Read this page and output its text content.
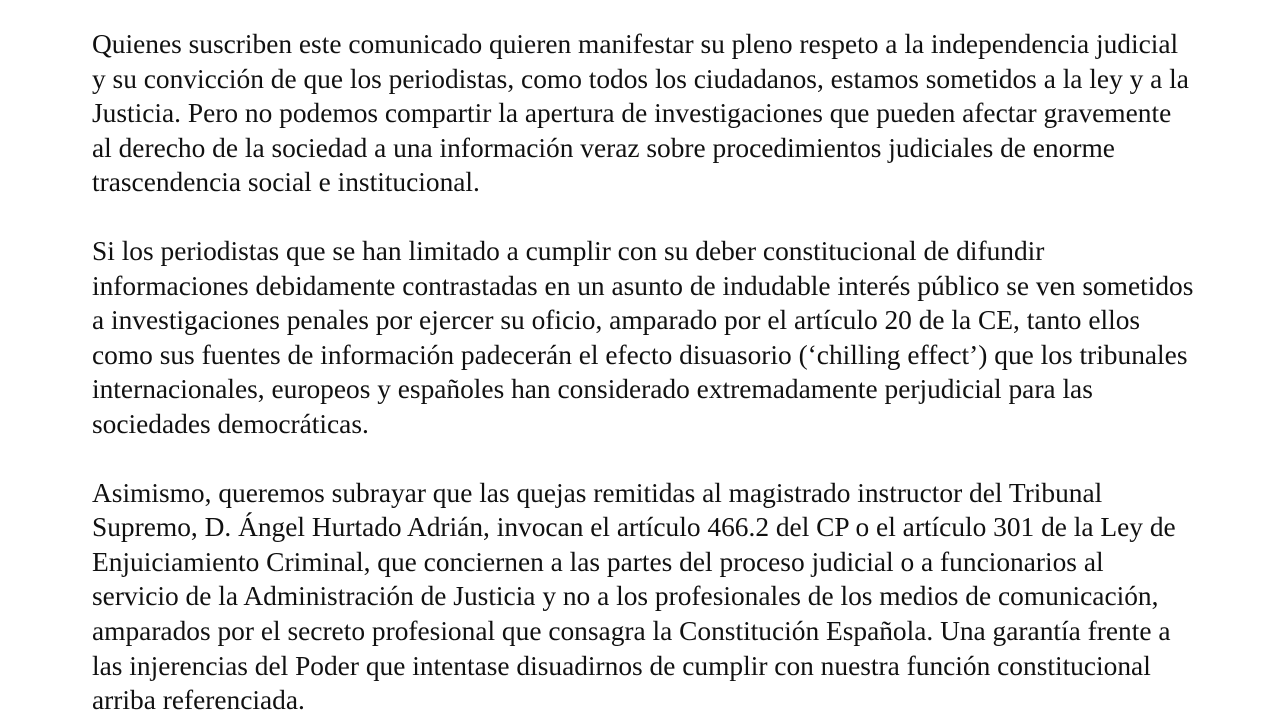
Quienes suscriben este comunicado quieren manifestar su pleno respeto a la independencia judicial
y su convicción de que los periodistas, como todos los ciudadanos, estamos sometidos a la ley y a la
Justicia. Pero no podemos compartir la apertura de investigaciones que pueden afectar gravemente
al derecho de la sociedad a una información veraz sobre procedimientos judiciales de enorme
trascendencia social e institucional.
Si los periodistas que se han limitado a cumplir con su deber constitucional de difundir
informaciones debidamente contrastadas en un asunto de indudable interés público se ven sometidos
a investigaciones penales por ejercer su oficio, amparado por el artículo 20 de la CE, tanto ellos
como sus fuentes de información padecerán el efecto disuasorio (‘chilling effect’) que los tribunales
internacionales, europeos y españoles han considerado extremadamente perjudicial para las
sociedades democráticas.
Asimismo, queremos subrayar que las quejas remitidas al magistrado instructor del Tribunal
Supremo, D. Ángel Hurtado Adrián, invocan el artículo 466.2 del CP o el artículo 301 de la Ley de
Enjuiciamiento Criminal, que conciernen a las partes del proceso judicial o a funcionarios al
servicio de la Administración de Justicia y no a los profesionales de los medios de comunicación,
amparados por el secreto profesional que consagra la Constitución Española. Una garantía frente a
las injerencias del Poder que intentase disuadirnos de cumplir con nuestra función constitucional
arriba referenciada.
